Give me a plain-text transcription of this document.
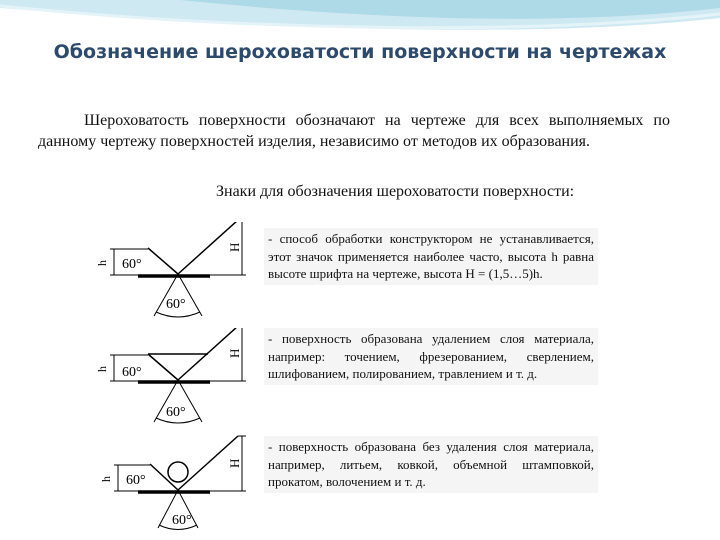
Обозначение шероховатости поверхности на чертежах
Шероховатость поверхности обозначают на чертеже для всех выполняемых по данному чертежу поверхностей изделия, независимо от методов их образования.
Знаки для обозначения шероховатости поверхности:
h
H
60°
60°
- способ обработки конструктором не устанавливается, этот значок применяется наиболее часто, высота h равна высоте шрифта на чертеже, высота H = (1,5…5)h.
h
H
60°
60°
- поверхность образована удалением слоя материала, например: точением, фрезерованием, сверлением, шлифованием, полированием, травлением и т. д.
h
H
60°
60°
- поверхность образована без удаления слоя материала, например, литьем, ковкой, объемной штамповкой, прокатом, волочением и т. д.
